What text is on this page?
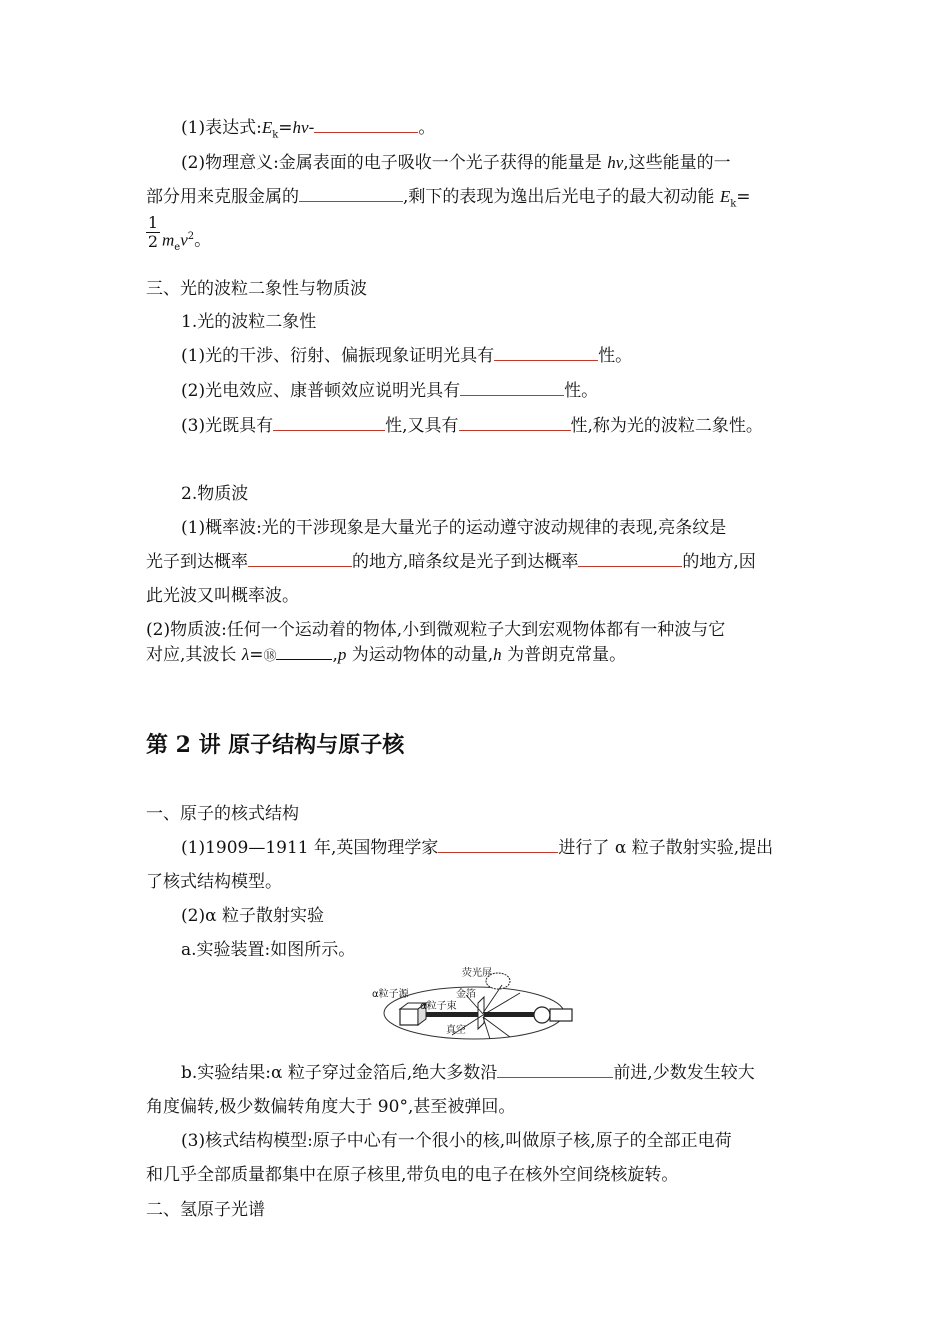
(1)表达式$:E_k=h\nu-$	。
(2)物理意义:金属表面的电子吸收一个光子获得的能量是 hν,这些能量的一
部分用来克服金属的	,剩下的表现为逸出后光电子的最大初动能 $E_k=$
$\frac{1}{2} m_ev^2$。
三、光的波粒二象性与物质波
1.光的波粒二象性
(1)光的干涉、衍射、偏振现象证明光具有	性。
(2)光电效应、康普顿效应说明光具有	性。
(3)光既具有	性,又具有	性,称为光的波粒二象性。
2.物质波
(1)概率波:光的干涉现象是大量光子的运动遵守波动规律的表现,亮条纹是
光子到达概率	的地方,暗条纹是光子到达概率	的地方,因
此光波又叫概率波。
(2)物质波:任何一个运动着的物体,小到微观粒子大到宏观物体都有一种波与它
对应,其波长 λ=⑱	,p 为运动物体的动量,h 为普朗克常量。
第 2 讲 原子结构与原子核
一、原子的核式结构
(1)1909—1911 年,英国物理学家	进行了 α 粒子散射实验,提出
了核式结构模型。
(2)α 粒子散射实验
a.实验装置:如图所示。
荧光屏
α粒子源	金箔
α粒子束
真空
b.实验结果:α 粒子穿过金箔后,绝大多数沿	前进,少数发生较大
角度偏转,极少数偏转角度大于 90°,甚至被弹回。
(3)核式结构模型:原子中心有一个很小的核,叫做原子核,原子的全部正电荷
和几乎全部质量都集中在原子核里,带负电的电子在核外空间绕核旋转。
二、氢原子光谱
